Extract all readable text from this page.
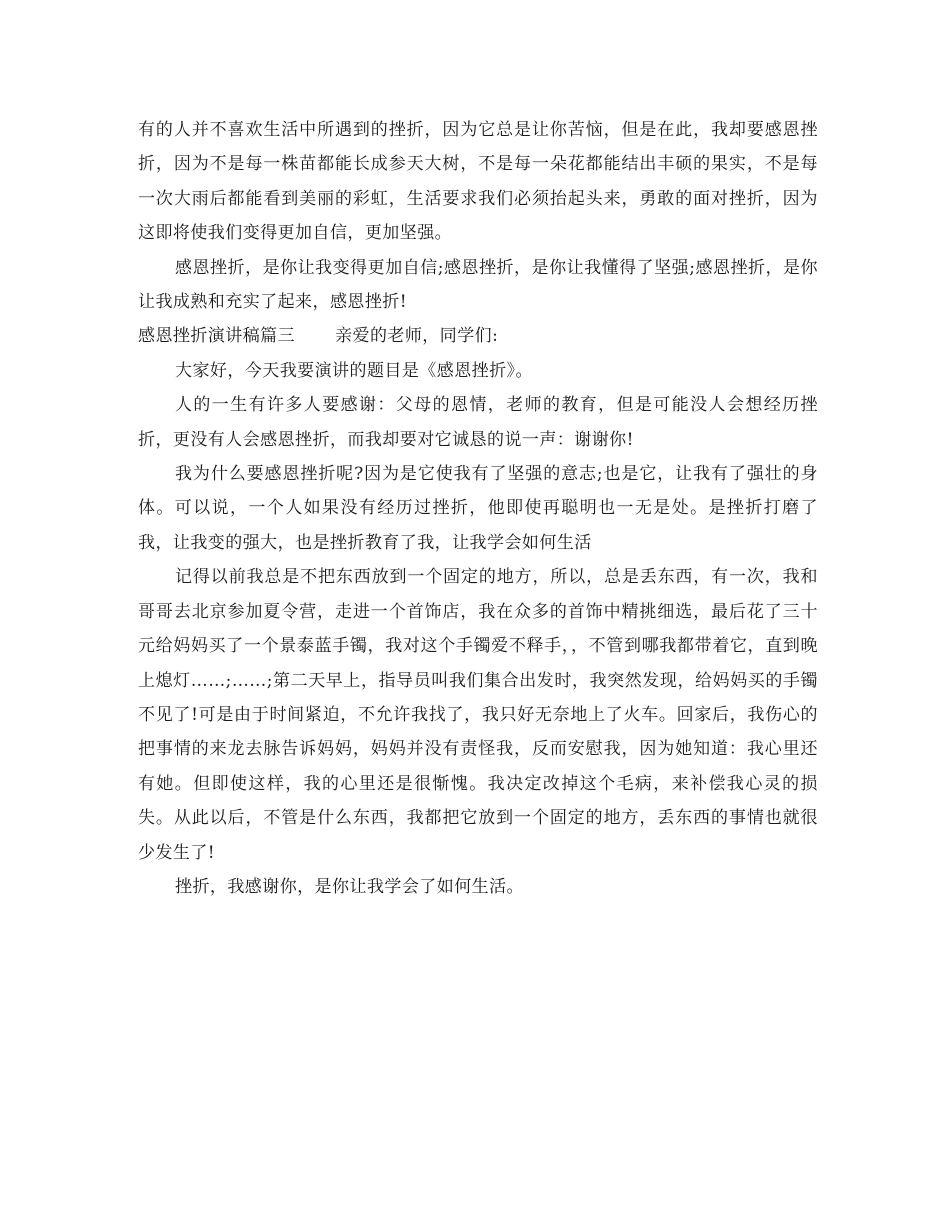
有的人并不喜欢生活中所遇到的挫折，因为它总是让你苦恼，但是在此，我却要感恩挫折，因为不是每一株苗都能长成参天大树，不是每一朵花都能结出丰硕的果实，不是每一次大雨后都能看到美丽的彩虹，生活要求我们必须抬起头来，勇敢的面对挫折，因为这即将使我们变得更加自信，更加坚强。

感恩挫折，是你让我变得更加自信;感恩挫折，是你让我懂得了坚强;感恩挫折，是你让我成熟和充实了起来，感恩挫折!

感恩挫折演讲稿篇三 亲爱的老师，同学们:

大家好，今天我要演讲的题目是《感恩挫折》。

人的一生有许多人要感谢：父母的恩情，老师的教育，但是可能没人会想经历挫折，更没有人会感恩挫折，而我却要对它诚恳的说一声：谢谢你!

我为什么要感恩挫折呢?因为是它使我有了坚强的意志;也是它，让我有了强壮的身体。可以说，一个人如果没有经历过挫折，他即使再聪明也一无是处。是挫折打磨了我，让我变的强大，也是挫折教育了我，让我学会如何生活

记得以前我总是不把东西放到一个固定的地方，所以，总是丢东西，有一次，我和哥哥去北京参加夏令营，走进一个首饰店，我在众多的首饰中精挑细选，最后花了三十元给妈妈买了一个景泰蓝手镯，我对这个手镯爱不释手，，不管到哪我都带着它，直到晚上熄灯……;……;第二天早上，指导员叫我们集合出发时，我突然发现，给妈妈买的手镯不见了!可是由于时间紧迫，不允许我找了，我只好无奈地上了火车。回家后，我伤心的把事情的来龙去脉告诉妈妈，妈妈并没有责怪我，反而安慰我，因为她知道：我心里还有她。但即使这样，我的心里还是很惭愧。我决定改掉这个毛病，来补偿我心灵的损失。从此以后，不管是什么东西，我都把它放到一个固定的地方，丢东西的事情也就很少发生了!

挫折，我感谢你，是你让我学会了如何生活。
